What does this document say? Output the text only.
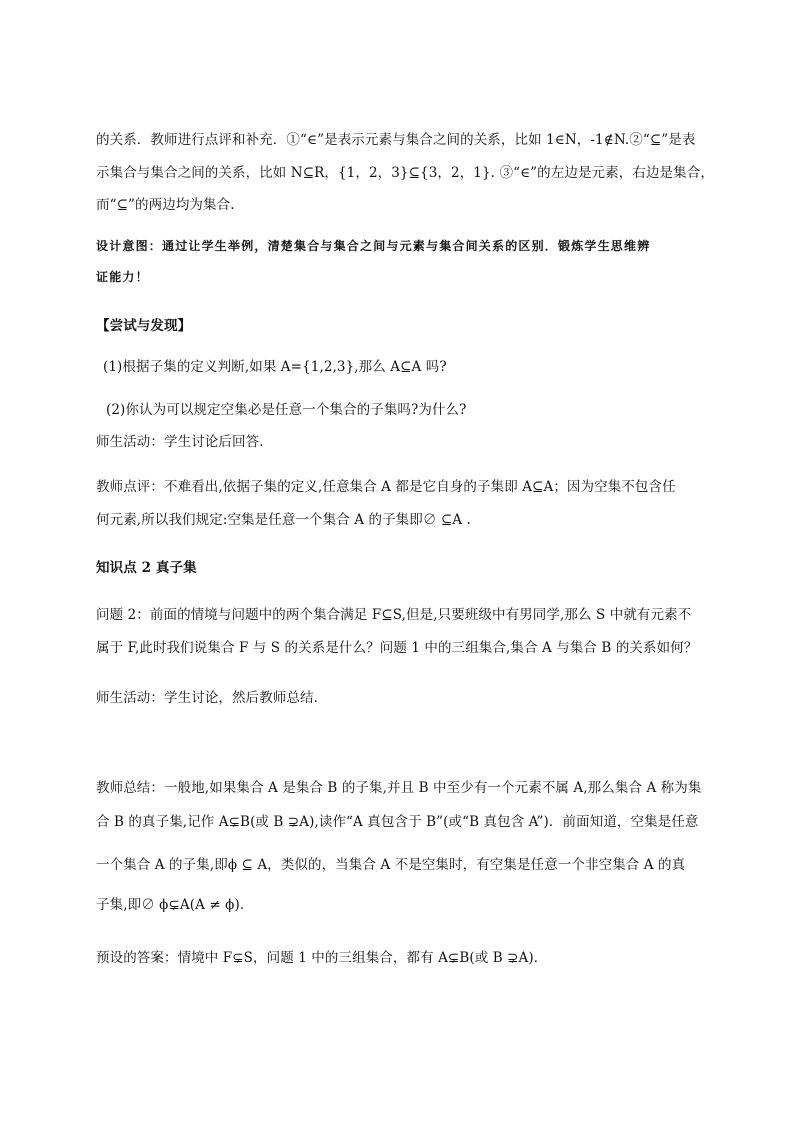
的关系．教师进行点评和补充．①“∈”是表示元素与集合之间的关系，比如 1∈N，-1∉N.②“⊆”是表
示集合与集合之间的关系，比如 N⊆R，{1，2，3}⊆{3，2，1}. ③“∈”的左边是元素，右边是集合，
而“⊆”的两边均为集合.
设计意图：通过让学生举例，清楚集合与集合之间与元素与集合间关系的区别．锻炼学生思维辨
证能力！
【尝试与发现】
(1)根据子集的定义判断,如果 A={1,2,3},那么 A⊆A 吗?
(2)你认为可以规定空集必是任意一个集合的子集吗?为什么?
师生活动：学生讨论后回答．
教师点评：不难看出,依据子集的定义,任意集合 A 都是它自身的子集即 A⊆A；因为空集不包含任
何元素,所以我们规定:空集是任意一个集合 A 的子集即∅ ⊆A .
知识点 2 真子集
问题 2：前面的情境与问题中的两个集合满足 F⊆S,但是,只要班级中有男同学,那么 S 中就有元素不
属于 F,此时我们说集合 F 与 S 的关系是什么？问题 1 中的三组集合,集合 A 与集合 B 的关系如何？
师生活动：学生讨论，然后教师总结．
教师总结：一般地,如果集合 A 是集合 B 的子集,并且 B 中至少有一个元素不属 A,那么集合 A 称为集
合 B 的真子集,记作 A⊊B(或 B ⊋A),读作“A 真包含于 B”(或“B 真包含 A”)．前面知道，空集是任意
一个集合 A 的子集,即ϕ ⊆ A，类似的，当集合 A 不是空集时，有空集是任意一个非空集合 A 的真
子集,即∅ ϕ⊊A(A ≠ ϕ)．
预设的答案：情境中 F⊊S，问题 1 中的三组集合，都有 A⊊B(或 B ⊋A)．
